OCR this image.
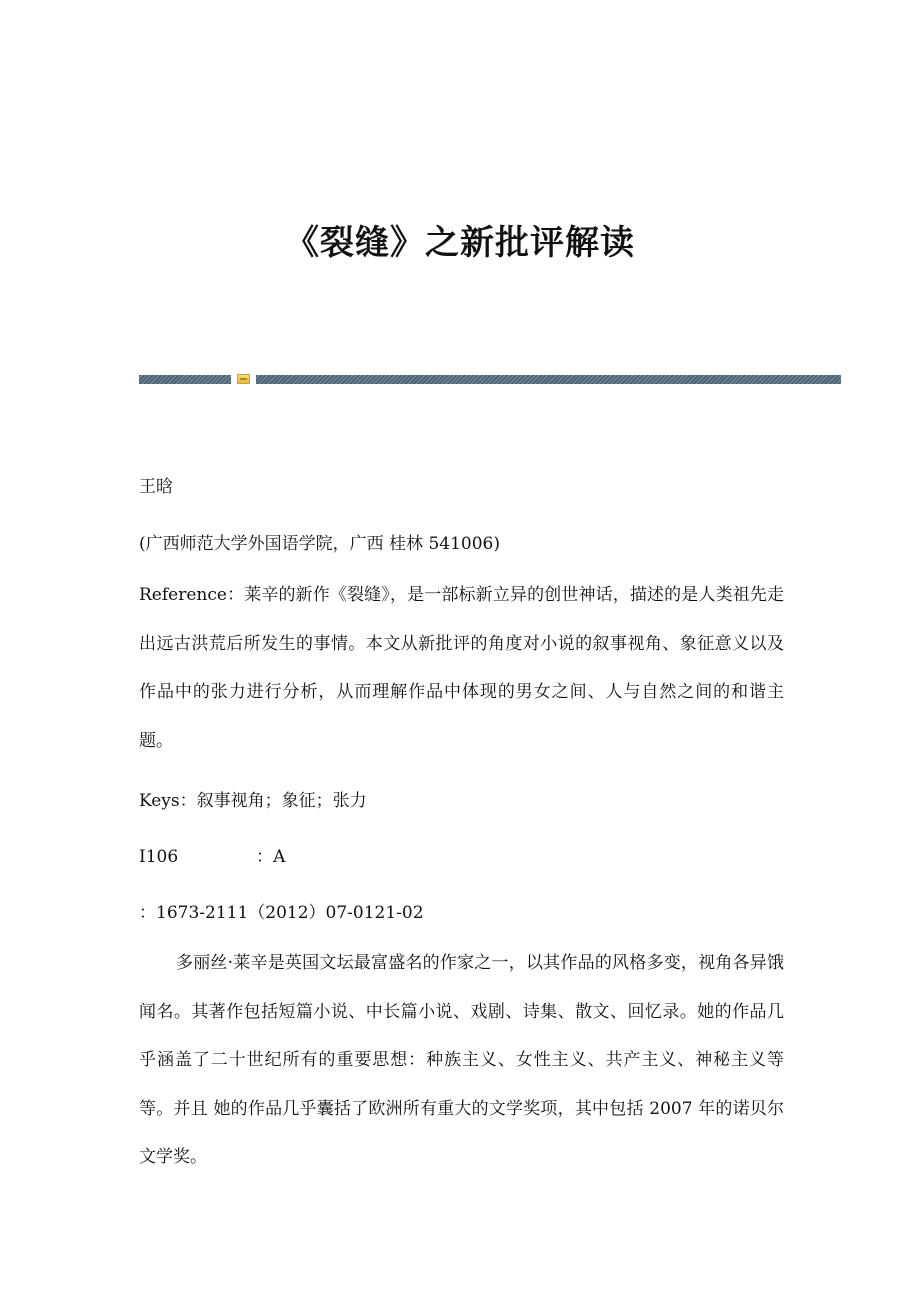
《裂缝》之新批评解读

王晗

(广西师范大学外国语学院，广西 桂林 541006)

Reference：莱辛的新作《裂缝》，是一部标新立异的创世神话，描述的是人类祖先走出远古洪荒后所发生的事情。本文从新批评的角度对小说的叙事视角、象征意义以及作品中的张力进行分析，从而理解作品中体现的男女之间、人与自然之间的和谐主题。

Keys：叙事视角；象征；张力

I106	：A

：1673-2111（2012）07-0121-02

多丽丝·莱辛是英国文坛最富盛名的作家之一，以其作品的风格多变，视角各异饿闻名。其著作包括短篇小说、中长篇小说、戏剧、诗集、散文、回忆录。她的作品几乎涵盖了二十世纪所有的重要思想：种族主义、女性主义、共产主义、神秘主义等等。并且 她的作品几乎囊括了欧洲所有重大的文学奖项，其中包括 2007 年的诺贝尔文学奖。
